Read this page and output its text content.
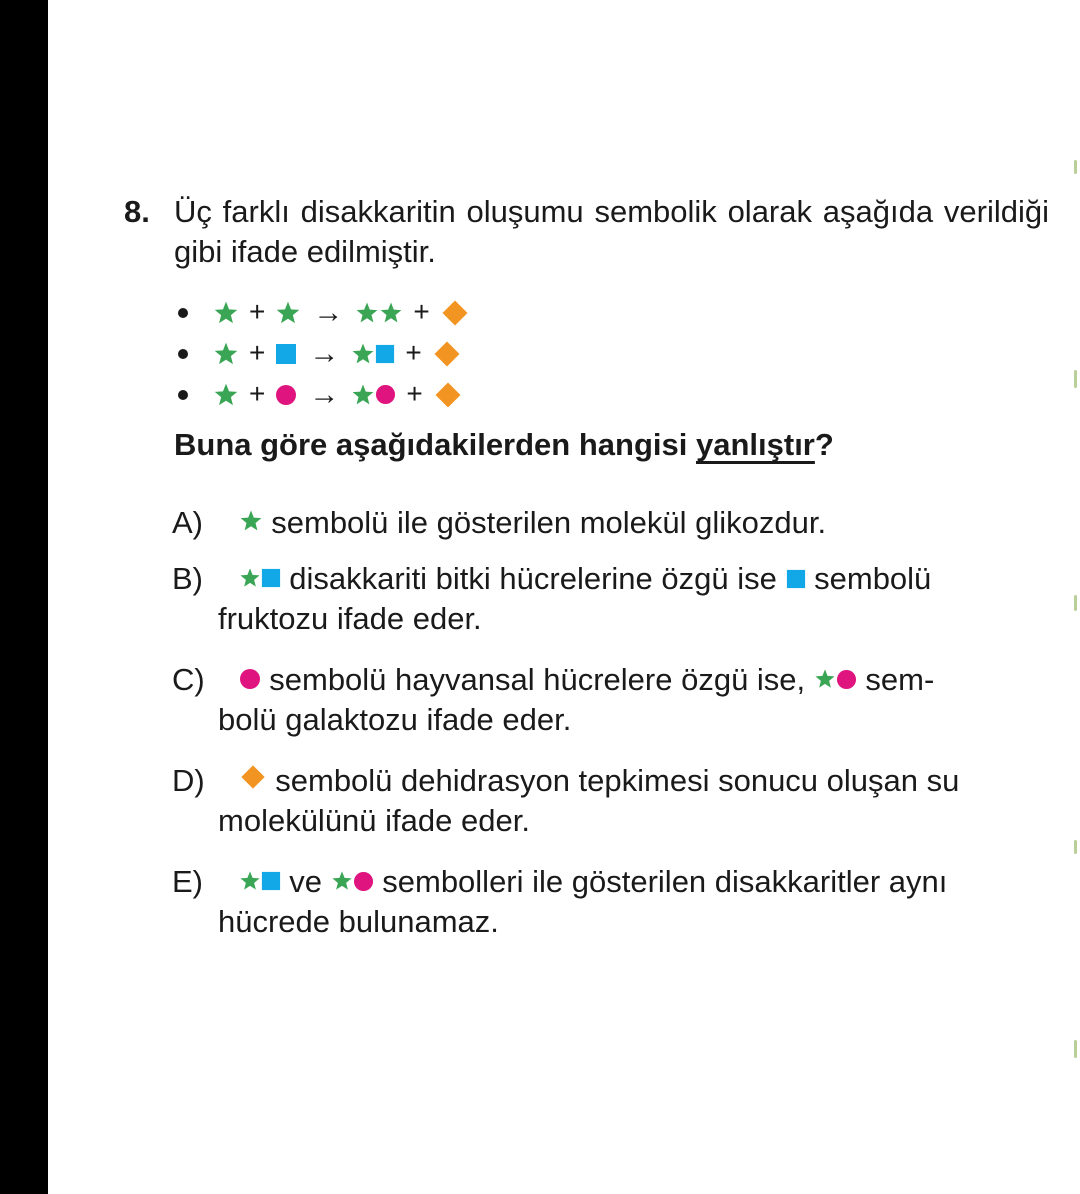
8. Üç farklı disakkaritin oluşumu sembolik olarak aşağıda verildiği gibi ifade edilmiştir.
+ →	+
+ → +
+ → +
Buna göre aşağıdakilerden hangisi yanlıştır?
A) sembolü ile gösterilen molekül glikozdur.
B)	disakkariti bitki hücrelerine özgü ise sembolü
fruktozu ifade eder.
C) sembolü hayvansal hücrelere özgü ise, sem-
bolü galaktozu ifade eder.
D) sembolü dehidrasyon tepkimesi sonucu oluşan su
molekülünü ifade eder.
E)	ve sembolleri ile gösterilen disakkaritler aynı
hücrede bulunamaz.
